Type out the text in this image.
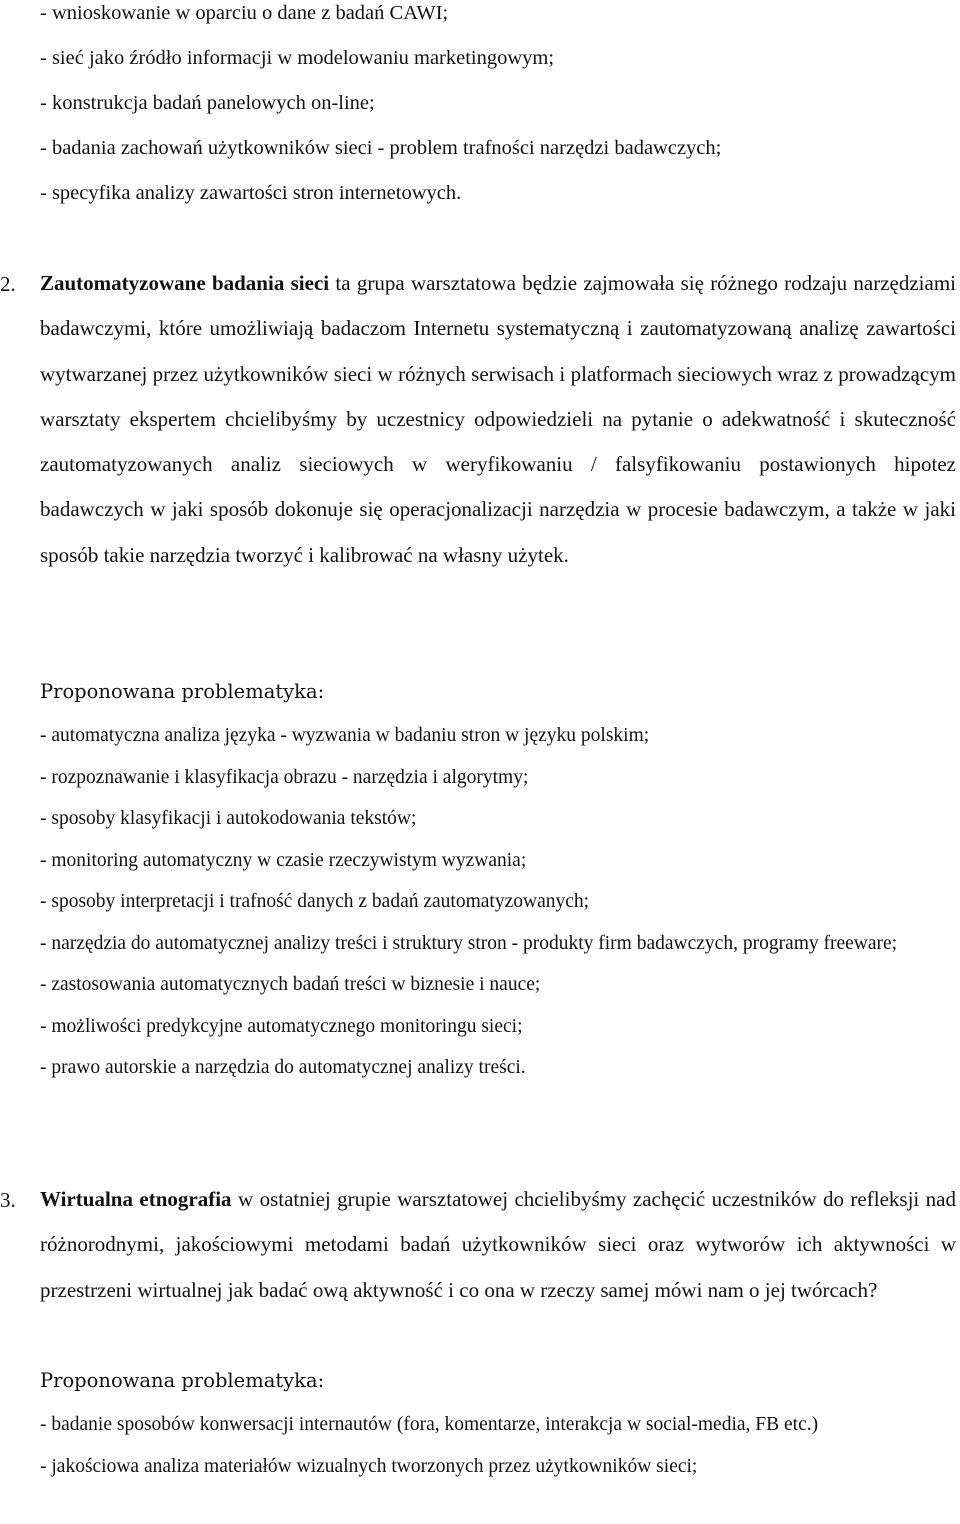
- wnioskowanie w oparciu o dane z badań CAWI;
- sieć jako źródło informacji w modelowaniu marketingowym;
- konstrukcja badań panelowych on-line;
- badania zachowań użytkowników sieci - problem trafności narzędzi badawczych;
- specyfika analizy zawartości stron internetowych.
2. Zautomatyzowane badania sieci ta grupa warsztatowa będzie zajmowała się różnego rodzaju narzędziami badawczymi, które umożliwiają badaczom Internetu systematyczną i zautomatyzowaną analizę zawartości wytwarzanej przez użytkowników sieci w różnych serwisach i platformach sieciowych wraz z prowadzącym warsztaty ekspertem chcielibyśmy by uczestnicy odpowiedzieli na pytanie o adekwatność i skuteczność zautomatyzowanych analiz sieciowych w weryfikowaniu / falsyfikowaniu postawionych hipotez badawczych w jaki sposób dokonuje się operacjonalizacji narzędzia w procesie badawczym, a także w jaki sposób takie narzędzia tworzyć i kalibrować na własny użytek.
Proponowana problematyka:
- automatyczna analiza języka - wyzwania w badaniu stron w języku polskim;
- rozpoznawanie i klasyfikacja obrazu - narzędzia i algorytmy;
- sposoby klasyfikacji i autokodowania tekstów;
- monitoring automatyczny w czasie rzeczywistym wyzwania;
- sposoby interpretacji i trafność danych z badań zautomatyzowanych;
- narzędzia do automatycznej analizy treści i struktury stron - produkty firm badawczych, programy freeware;
- zastosowania automatycznych badań treści w biznesie i nauce;
- możliwości predykcyjne automatycznego monitoringu sieci;
- prawo autorskie a narzędzia do automatycznej analizy treści.
3. Wirtualna etnografia w ostatniej grupie warsztatowej chcielibyśmy zachęcić uczestników do refleksji nad różnorodnymi, jakościowymi metodami badań użytkowników sieci oraz wytworów ich aktywności w przestrzeni wirtualnej jak badać ową aktywność i co ona w rzeczy samej mówi nam o jej twórcach?
Proponowana problematyka:
- badanie sposobów konwersacji internautów (fora, komentarze, interakcja w social-media, FB etc.)
- jakościowa analiza materiałów wizualnych tworzonych przez użytkowników sieci;
